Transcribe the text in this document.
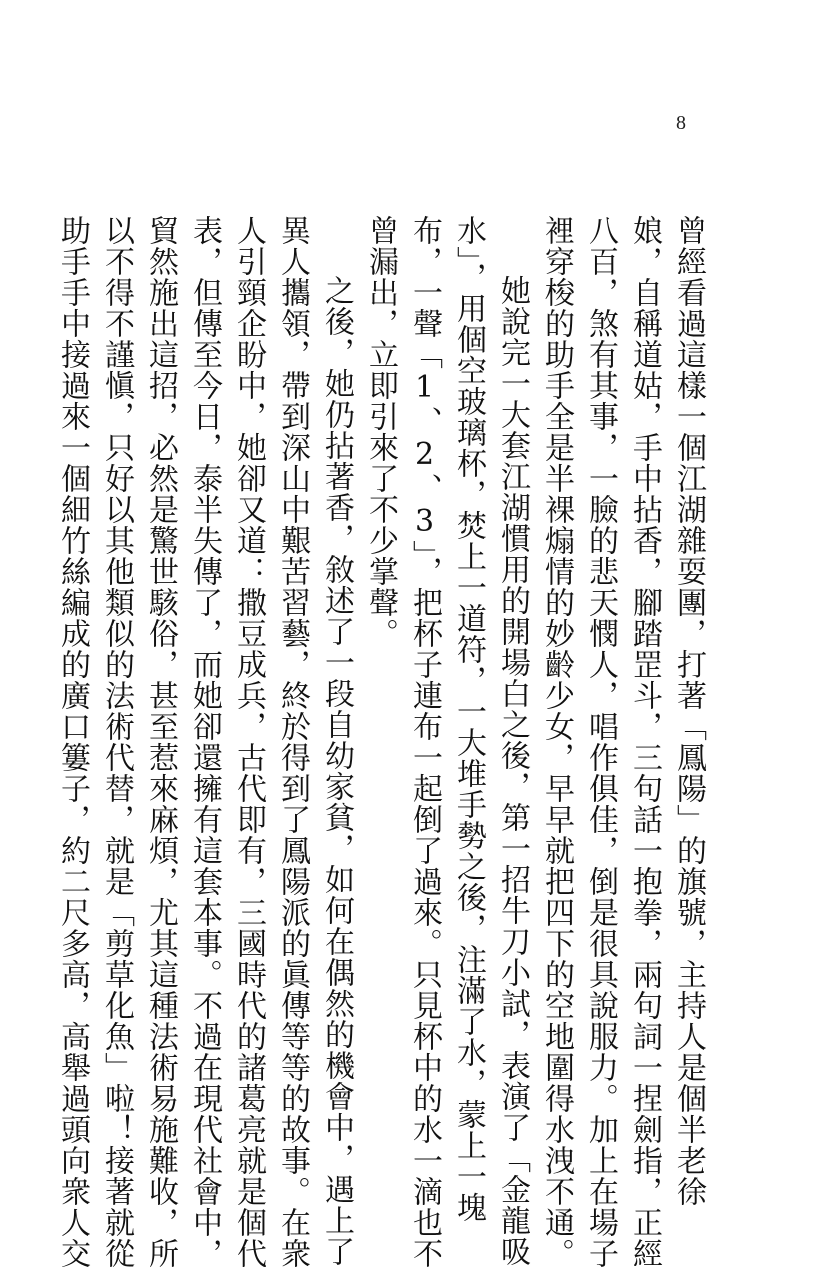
8
曾經看過這樣一個江湖雜耍團，打著「鳳陽」的旗號，主持人是個半老徐
娘，自稱道姑，手中拈香，腳踏罡斗，三句話一抱拳，兩句詞一捏劍指，正經
八百，煞有其事，一臉的悲天憫人，唱作俱佳，倒是很具說服力。加上在場子
裡穿梭的助手全是半裸煽情的妙齡少女，早早就把四下的空地圍得水洩不通。
她說完一大套江湖慣用的開場白之後，第一招牛刀小試，表演了「金龍吸
水」，用個空玻璃杯，焚上一道符，一大堆手勢之後，注滿了水，蒙上一塊
布，一聲「1、2、3」，把杯子連布一起倒了過來。只見杯中的水一滴也不
曾漏出，立即引來了不少掌聲。
之後，她仍拈著香，敘述了一段自幼家貧，如何在偶然的機會中，遇上了
異人攜領，帶到深山中艱苦習藝，終於得到了鳳陽派的眞傳等等的故事。在衆
人引頸企盼中，她卻又道：撒豆成兵，古代即有，三國時代的諸葛亮就是個代
表，但傳至今日，泰半失傳了，而她卻還擁有這套本事。不過在現代社會中，
貿然施出這招，必然是驚世駭俗，甚至惹來麻煩，尤其這種法術易施難收，所
以不得不謹愼，只好以其他類似的法術代替，就是「剪草化魚」啦！接著就從
助手手中接過來一個細竹絲編成的廣口簍子，約二尺多高，高舉過頭向衆人交
